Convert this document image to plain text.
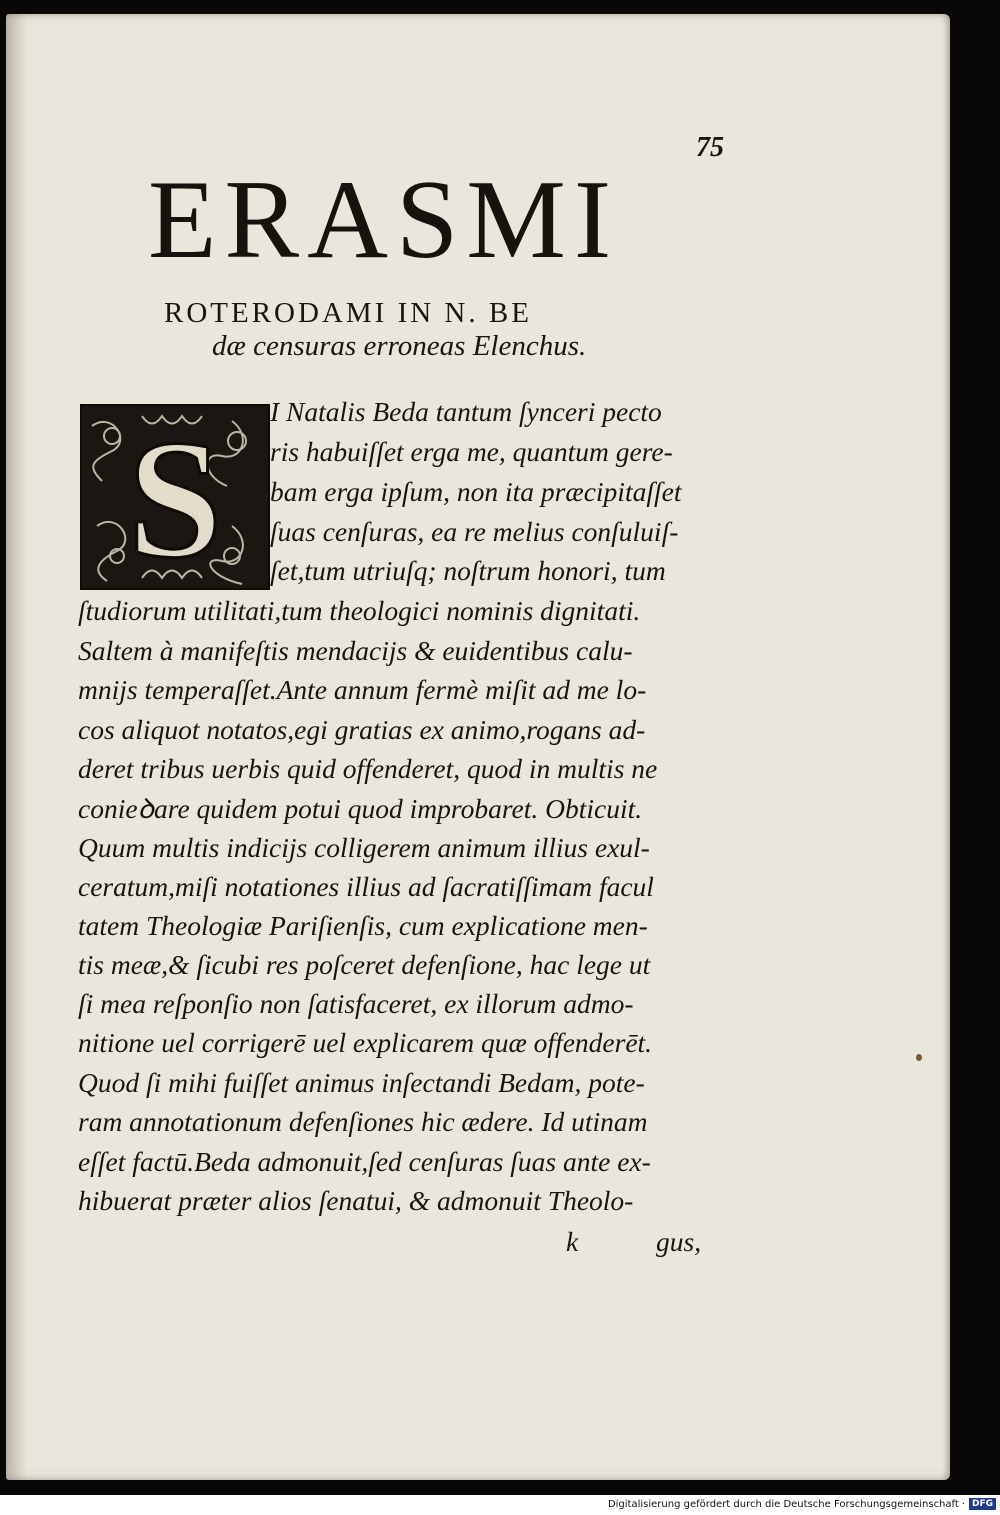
75
ERASMI
ROTERODAMI IN N. BE
dæ censuras erroneas Elenchus.
S I Natalis Beda tantum ſynceri pecto
ris habuiſſet erga me, quantum gere-
bam erga ipſum, non ita præcipitaſſet
ſuas cenſuras, ea re melius conſuluiſ-
ſet,tum utriuſq; noſtrum honori, tum
ſtudiorum utilitati,tum theologici nominis dignitati.
Saltem à manifeſtis mendacijs & euidentibus calu-
mnijs temperaſſet.Ante annum fermè miſit ad me lo-
cos aliquot notatos,egi gratias ex animo,rogans ad-
deret tribus uerbis quid offenderet, quod in multis ne
conieꝺare quidem potui quod improbaret. Obticuit.
Quum multis indicijs colligerem animum illius exul-
ceratum,miſi notationes illius ad ſacratiſſimam facul
tatem Theologiæ Pariſienſis, cum explicatione men-
tis meæ,& ſicubi res poſceret defenſione, hac lege ut
ſi mea reſponſio non ſatisfaceret, ex illorum admo-
nitione uel corrigerē uel explicarem quæ offenderēt.
Quod ſi mihi fuiſſet animus inſectandi Bedam, pote-
ram annotationum defenſiones hic ædere. Id utinam
eſſet factū.Beda admonuit,ſed cenſuras ſuas ante ex-
hibuerat præter alios ſenatui, & admonuit Theolo-
k	gus,
Digitalisierung gefördert durch die Deutsche Forschungsgemeinschaft · DFG
